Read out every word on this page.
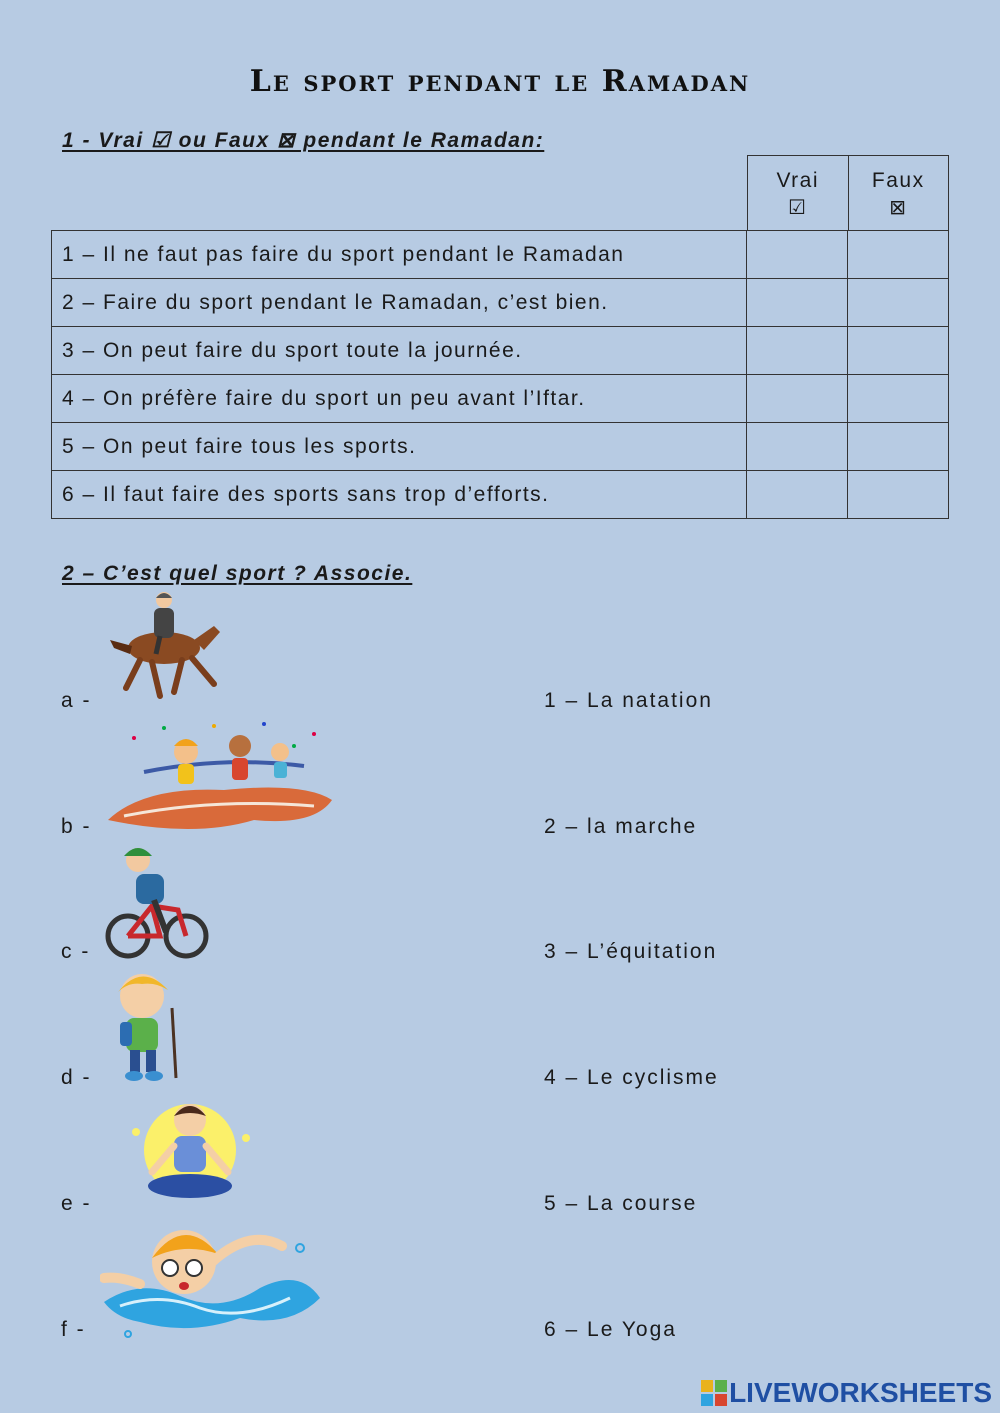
Le sport pendant le Ramadan
1 - Vrai ☑ ou Faux ⊠ pendant le Ramadan:
Vrai
☑
Faux
⊠
1 – Il ne faut pas faire du sport pendant le Ramadan
2 – Faire du sport pendant le Ramadan, c’est bien.
3 – On peut faire du sport toute la journée.
4 – On préfère faire du sport un peu avant l’Iftar.
5 – On peut faire tous les sports.
6 – Il faut faire des sports sans trop d’efforts.
2 – C’est quel sport ? Associe.
a -
b -
c -
d -
e -
f -
1 – La natation
2 – la marche
3 – L’équitation
4 – Le cyclisme
5 – La course
6 – Le Yoga
LIVEWORKSHEETS
